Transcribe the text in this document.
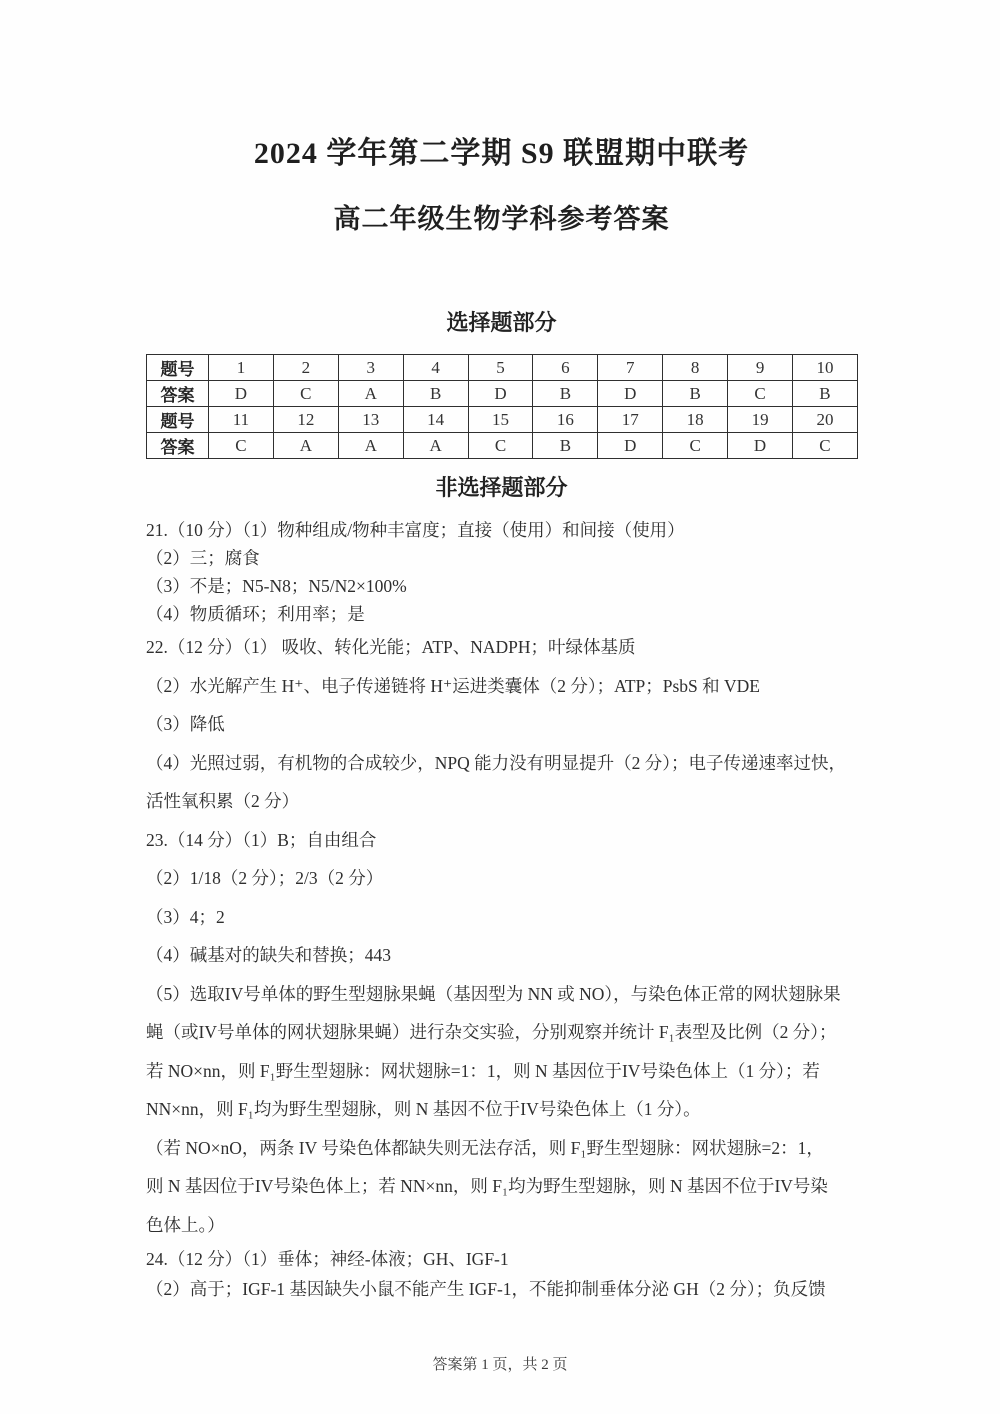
2024 学年第二学期 S9 联盟期中联考
高二年级生物学科参考答案
选择题部分
题号	1	2	3	4	5	6	7	8	9	10
答案	D	C	A	B	D	B	D	B	C	B
题号	11	12	13	14	15	16	17	18	19	20
答案	C	A	A	A	C	B	D	C	D	C
非选择题部分

21.（10 分）（1）物种组成/物种丰富度；直接（使用）和间接（使用）

（2）三；腐食

（3）不是；N5-N8；N5/N2×100%

（4）物质循环；利用率；是

22.（12 分）（1） 吸收、转化光能；ATP、NADPH；叶绿体基质

（2）水光解产生 H⁺、电子传递链将 H⁺运进类囊体（2 分）；ATP；PsbS 和 VDE

（3）降低

（4）光照过弱，有机物的合成较少，NPQ 能力没有明显提升（2 分）；电子传递速率过快，

活性氧积累（2 分）

23.（14 分）（1）B；自由组合

（2）1/18（2 分）；2/3（2 分）

（3）4；2

（4）碱基对的缺失和替换；443

（5）选取IV号单体的野生型翅脉果蝇（基因型为 NN 或 NO），与染色体正常的网状翅脉果

蝇（或IV号单体的网状翅脉果蝇）进行杂交实验，分别观察并统计 F₁表型及比例（2 分）；

若 NO×nn，则 F₁野生型翅脉：网状翅脉=1：1，则 N 基因位于IV号染色体上（1 分）；若

NN×nn，则 F₁均为野生型翅脉，则 N 基因不位于IV号染色体上（1 分）。

（若 NO×nO，两条 IV 号染色体都缺失则无法存活，则 F₁野生型翅脉：网状翅脉=2：1，

则 N 基因位于IV号染色体上；若 NN×nn，则 F₁均为野生型翅脉，则 N 基因不位于IV号染

色体上。）

24.（12 分）（1）垂体；神经-体液；GH、IGF-1

（2）高于；IGF-1 基因缺失小鼠不能产生 IGF-1，不能抑制垂体分泌 GH（2 分）；负反馈

答案第 1 页，共 2 页
